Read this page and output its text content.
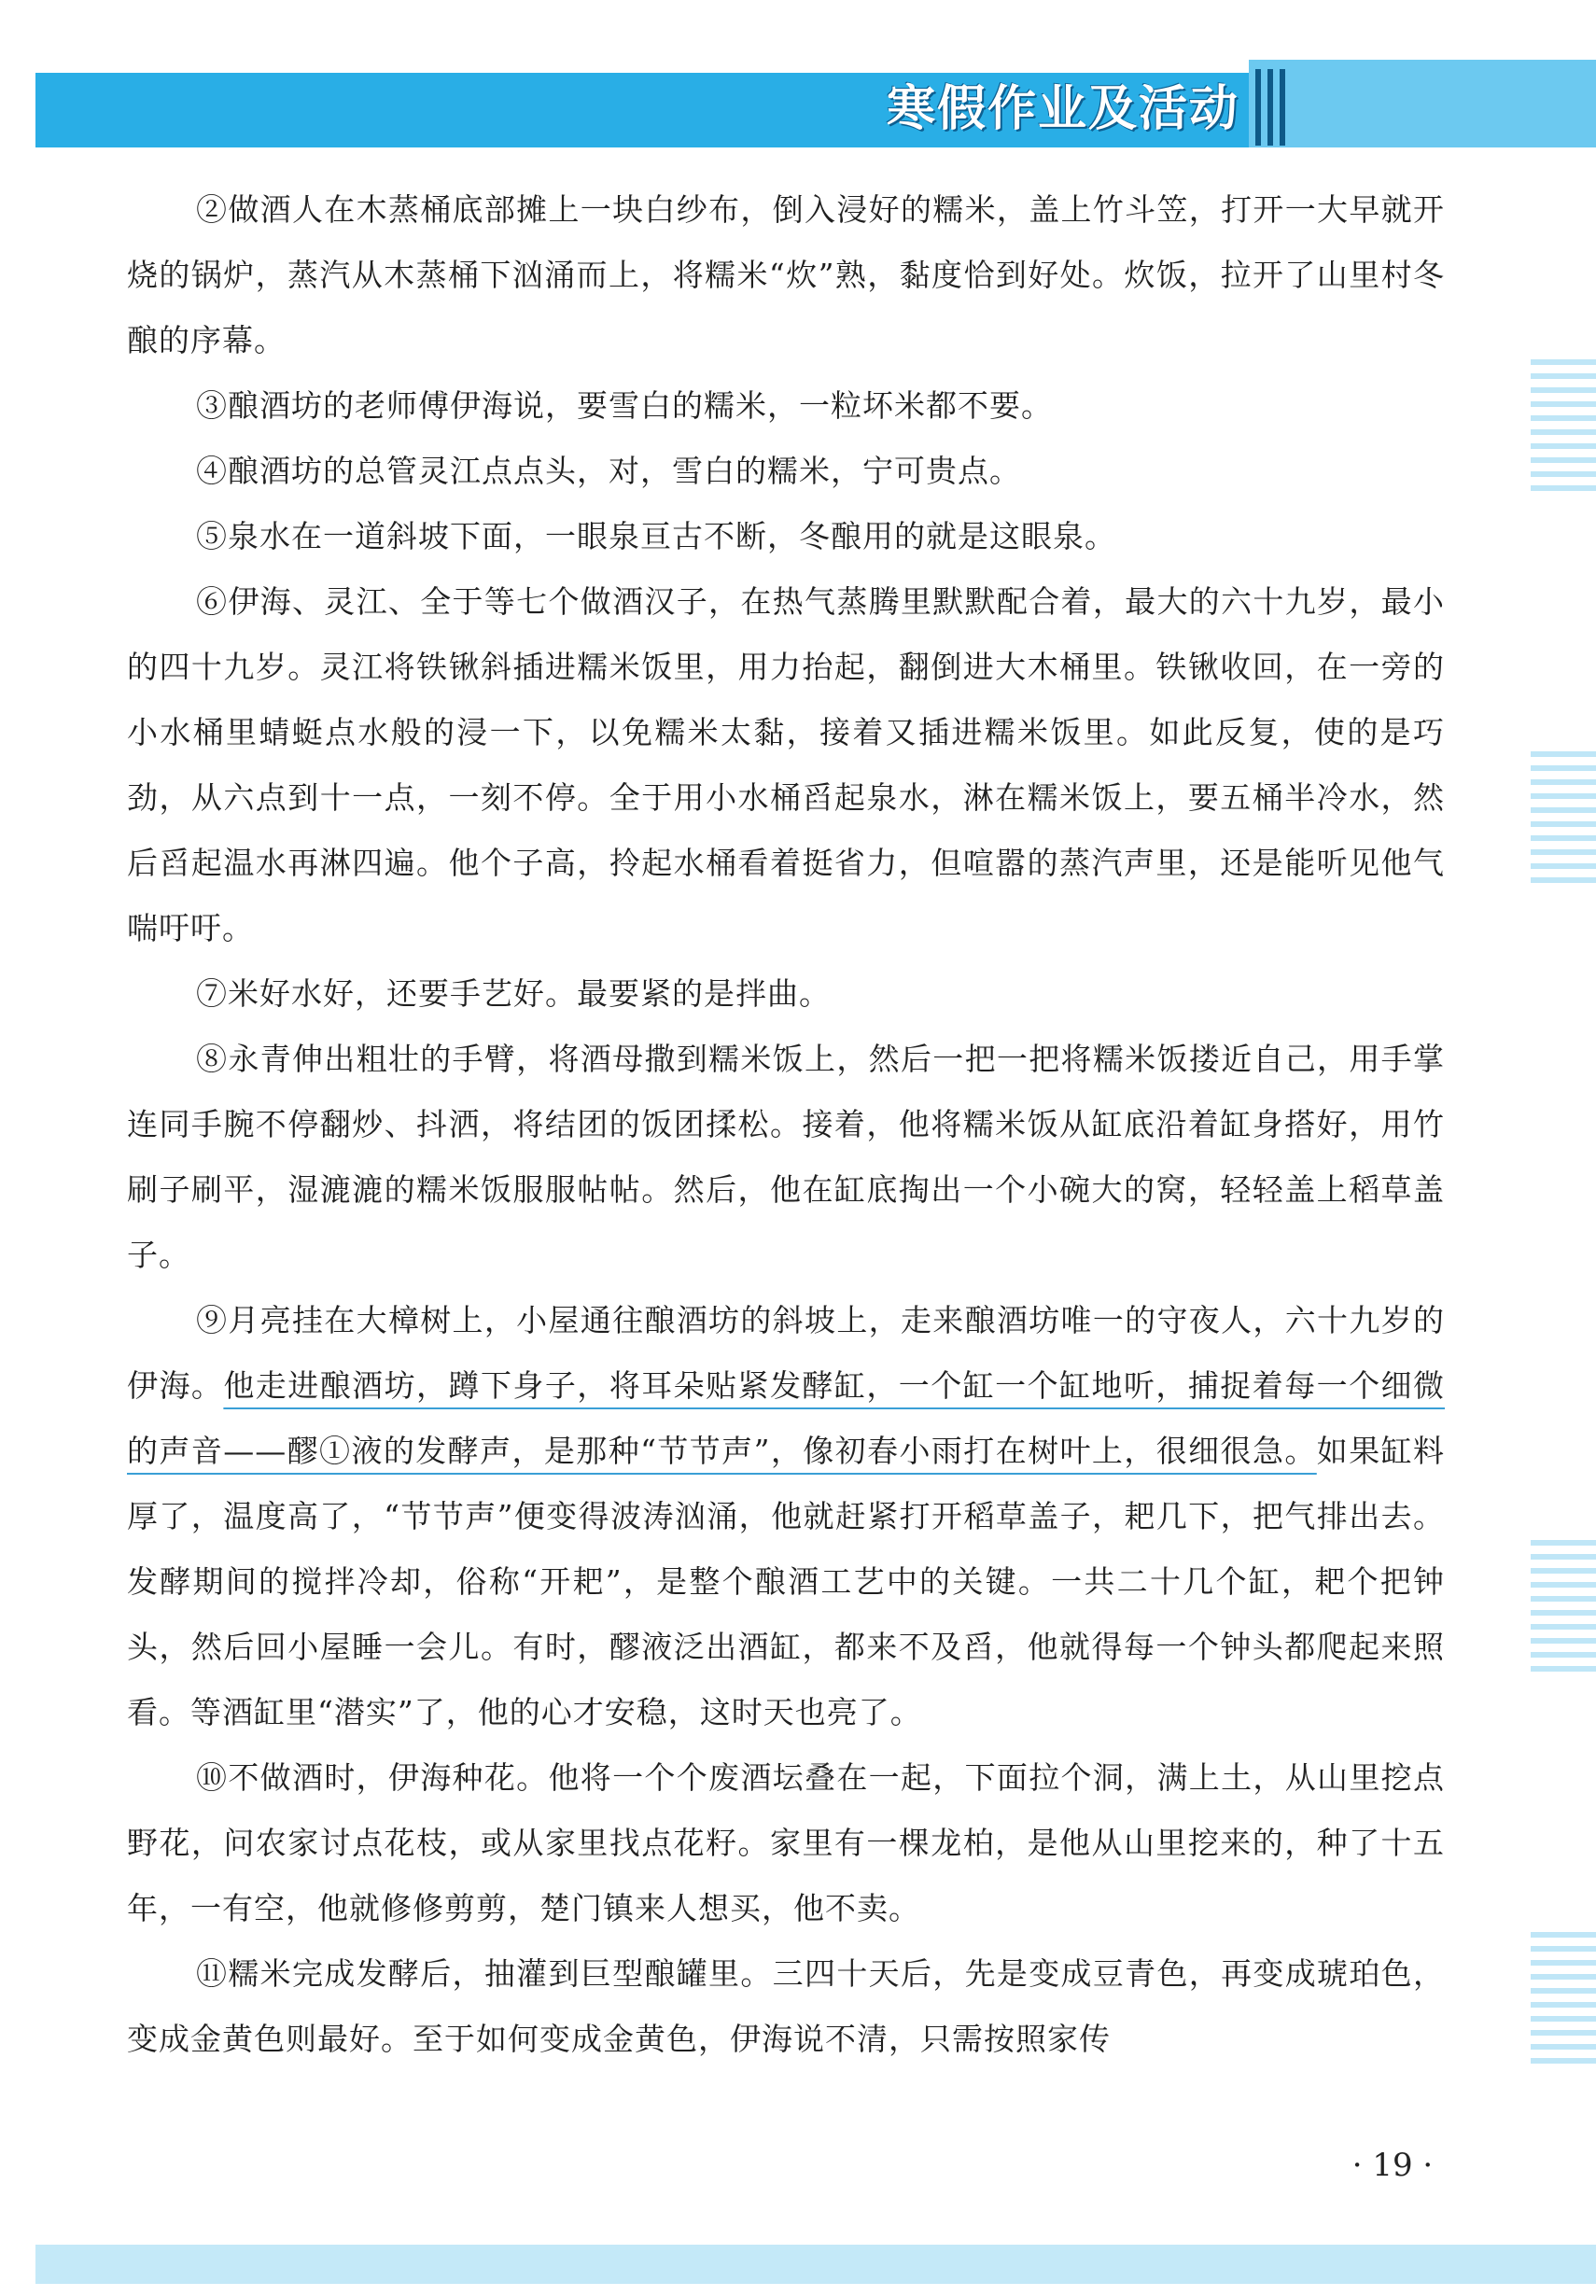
寒假作业及活动

②做酒人在木蒸桶底部摊上一块白纱布，倒入浸好的糯米，盖上竹斗笠，打开一大早就开烧的锅炉，蒸汽从木蒸桶下汹涌而上，将糯米“炊”熟，黏度恰到好处。炊饭，拉开了山里村冬酿的序幕。

③酿酒坊的老师傅伊海说，要雪白的糯米，一粒坏米都不要。

④酿酒坊的总管灵江点点头，对，雪白的糯米，宁可贵点。

⑤泉水在一道斜坡下面，一眼泉亘古不断，冬酿用的就是这眼泉。

⑥伊海、灵江、全于等七个做酒汉子，在热气蒸腾里默默配合着，最大的六十九岁，最小的四十九岁。灵江将铁锹斜插进糯米饭里，用力抬起，翻倒进大木桶里。铁锹收回，在一旁的小水桶里蜻蜓点水般的浸一下，以免糯米太黏，接着又插进糯米饭里。如此反复，使的是巧劲，从六点到十一点，一刻不停。全于用小水桶舀起泉水，淋在糯米饭上，要五桶半冷水，然后舀起温水再淋四遍。他个子高，拎起水桶看着挺省力，但喧嚣的蒸汽声里，还是能听见他气喘吁吁。

⑦米好水好，还要手艺好。最要紧的是拌曲。

⑧永青伸出粗壮的手臂，将酒母撒到糯米饭上，然后一把一把将糯米饭搂近自己，用手掌连同手腕不停翻炒、抖洒，将结团的饭团揉松。接着，他将糯米饭从缸底沿着缸身搭好，用竹刷子刷平，湿漉漉的糯米饭服服帖帖。然后，他在缸底掏出一个小碗大的窝，轻轻盖上稻草盖子。

⑨月亮挂在大樟树上，小屋通往酿酒坊的斜坡上，走来酿酒坊唯一的守夜人，六十九岁的伊海。他走进酿酒坊，蹲下身子，将耳朵贴紧发酵缸，一个缸一个缸地听，捕捉着每一个细微的声音——醪①液的发酵声，是那种“节节声”，像初春小雨打在树叶上，很细很急。如果缸料厚了，温度高了，“节节声”便变得波涛汹涌，他就赶紧打开稻草盖子，耙几下，把气排出去。发酵期间的搅拌冷却，俗称“开耙”，是整个酿酒工艺中的关键。一共二十几个缸，耙个把钟头，然后回小屋睡一会儿。有时，醪液泛出酒缸，都来不及舀，他就得每一个钟头都爬起来照看。等酒缸里“潜实”了，他的心才安稳，这时天也亮了。

⑩不做酒时，伊海种花。他将一个个废酒坛叠在一起，下面拉个洞，满上土，从山里挖点野花，问农家讨点花枝，或从家里找点花籽。家里有一棵龙柏，是他从山里挖来的，种了十五年，一有空，他就修修剪剪，楚门镇来人想买，他不卖。

⑪糯米完成发酵后，抽灌到巨型酿罐里。三四十天后，先是变成豆青色，再变成琥珀色，变成金黄色则最好。至于如何变成金黄色，伊海说不清，只需按照家传

· 19 ·
